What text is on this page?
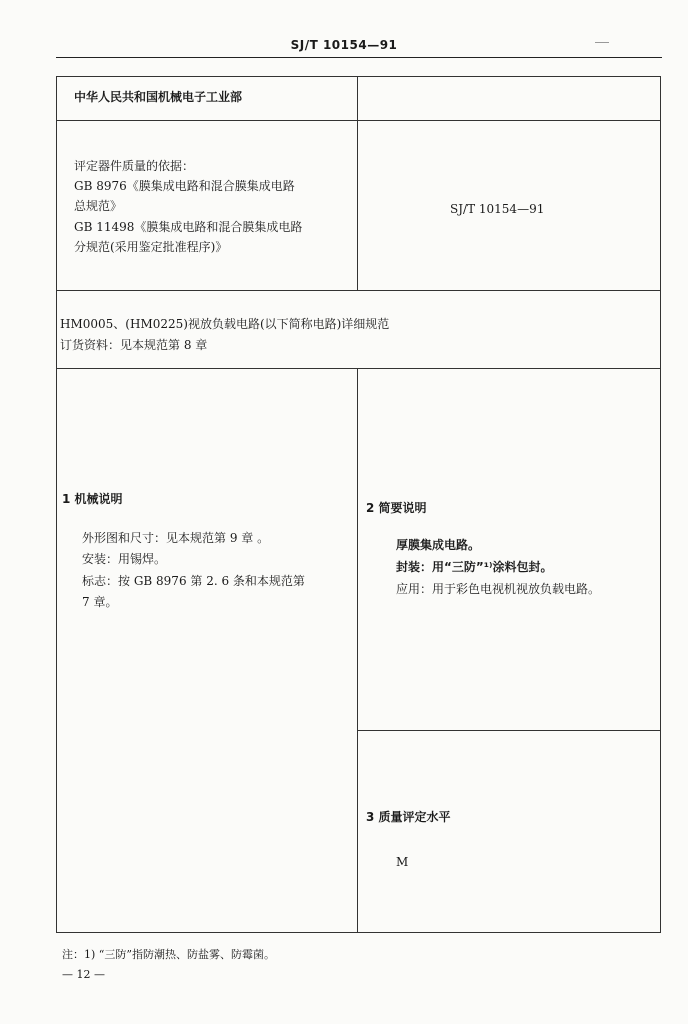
SJ/T 10154—91
中华人民共和国机械电子工业部
评定器件质量的依据：
GB 8976《膜集成电路和混合膜集成电路
总规范》
GB 11498《膜集成电路和混合膜集成电路
分规范(采用鉴定批准程序)》
SJ/T 10154—91
HM0005、(HM0225)视放负载电路(以下简称电路)详细规范
订货资料：见本规范第 8 章
1 机械说明
外形图和尺寸：见本规范第 9 章 。
安装：用锡焊。
标志：按 GB 8976 第 2. 6 条和本规范第
7 章。
2 简要说明
厚膜集成电路。
封装：用“三防”¹⁾涂料包封。
应用：用于彩色电视机视放负载电路。
3 质量评定水平
M
注：1) “三防”指防潮热、防盐雾、防霉菌。
— 12 —
